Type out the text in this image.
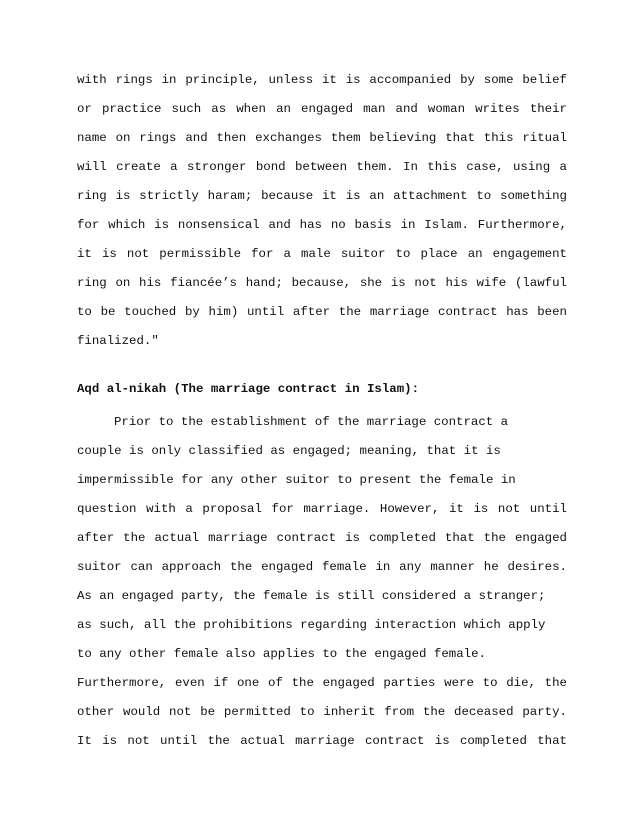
with rings in principle, unless it is accompanied by some belief
or practice such as when an engaged man and woman writes their
name on rings and then exchanges them believing that this ritual
will create a stronger bond between them. In this case, using a
ring is strictly haram; because it is an attachment to something
for which is nonsensical and has no basis in Islam. Furthermore,
it is not permissible for a male suitor to place an engagement
ring on his fiancée’s hand; because, she is not his wife (lawful
to be touched by him) until after the marriage contract has been
finalized."
Aqd al-nikah (The marriage contract in Islam):
Prior to the establishment of the marriage contract a
couple is only classified as engaged; meaning, that it is
impermissible for any other suitor to present the female in
question with a proposal for marriage. However, it is not until
after the actual marriage contract is completed that the engaged
suitor can approach the engaged female in any manner he desires.
As an engaged party, the female is still considered a stranger;
as such, all the prohibitions regarding interaction which apply
to any other female also applies to the engaged female.
Furthermore, even if one of the engaged parties were to die, the
other would not be permitted to inherit from the deceased party.
It is not until the actual marriage contract is completed that
